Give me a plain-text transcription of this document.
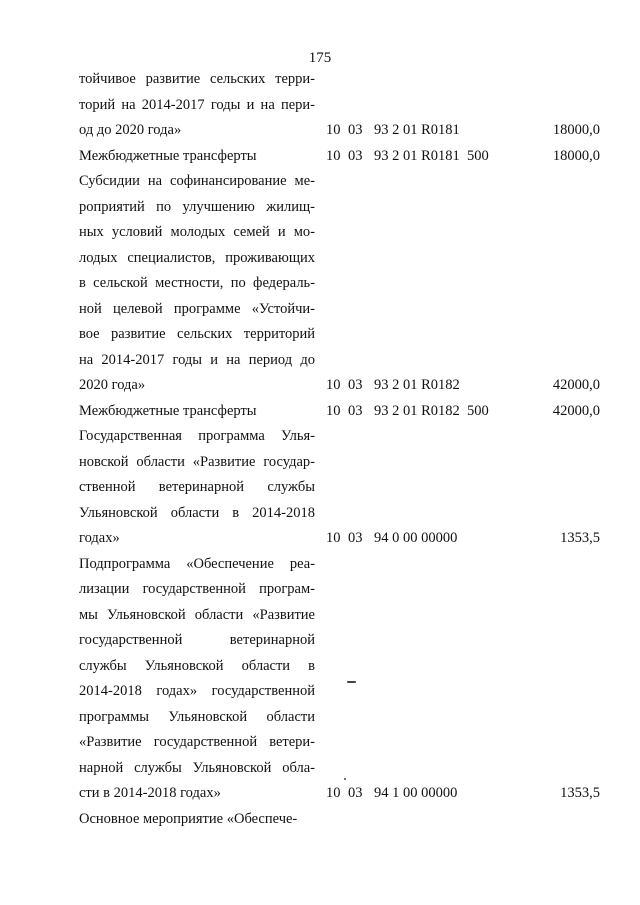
175
тойчивое развитие сельских терри-
торий на 2014-2017 годы и на пери-
од до 2020 года»	10 03 93 2 01 R0181	18000,0
Межбюджетные трансферты	10 03 93 2 01 R0181 500	18000,0
Субсидии на софинансирование ме-
роприятий по улучшению жилищ-
ных условий молодых семей и мо-
лодых специалистов, проживающих
в сельской местности, по федераль-
ной целевой программе «Устойчи-
вое развитие сельских территорий
на 2014-2017 годы и на период до
2020 года»	10 03 93 2 01 R0182	42000,0
Межбюджетные трансферты	10 03 93 2 01 R0182 500	42000,0
Государственная программа Улья-
новской области «Развитие государ-
ственной ветеринарной службы
Ульяновской области в 2014-2018
годах»	10 03 94 0 00 00000	1353,5
Подпрограмма «Обеспечение реа-
лизации государственной програм-
мы Ульяновской области «Развитие
государственной ветеринарной
службы Ульяновской области в
2014-2018 годах» государственной
программы Ульяновской области
«Развитие государственной ветери-
нарной службы Ульяновской обла-
сти в 2014-2018 годах»	10 03 94 1 00 00000	1353,5
Основное мероприятие «Обеспече-
